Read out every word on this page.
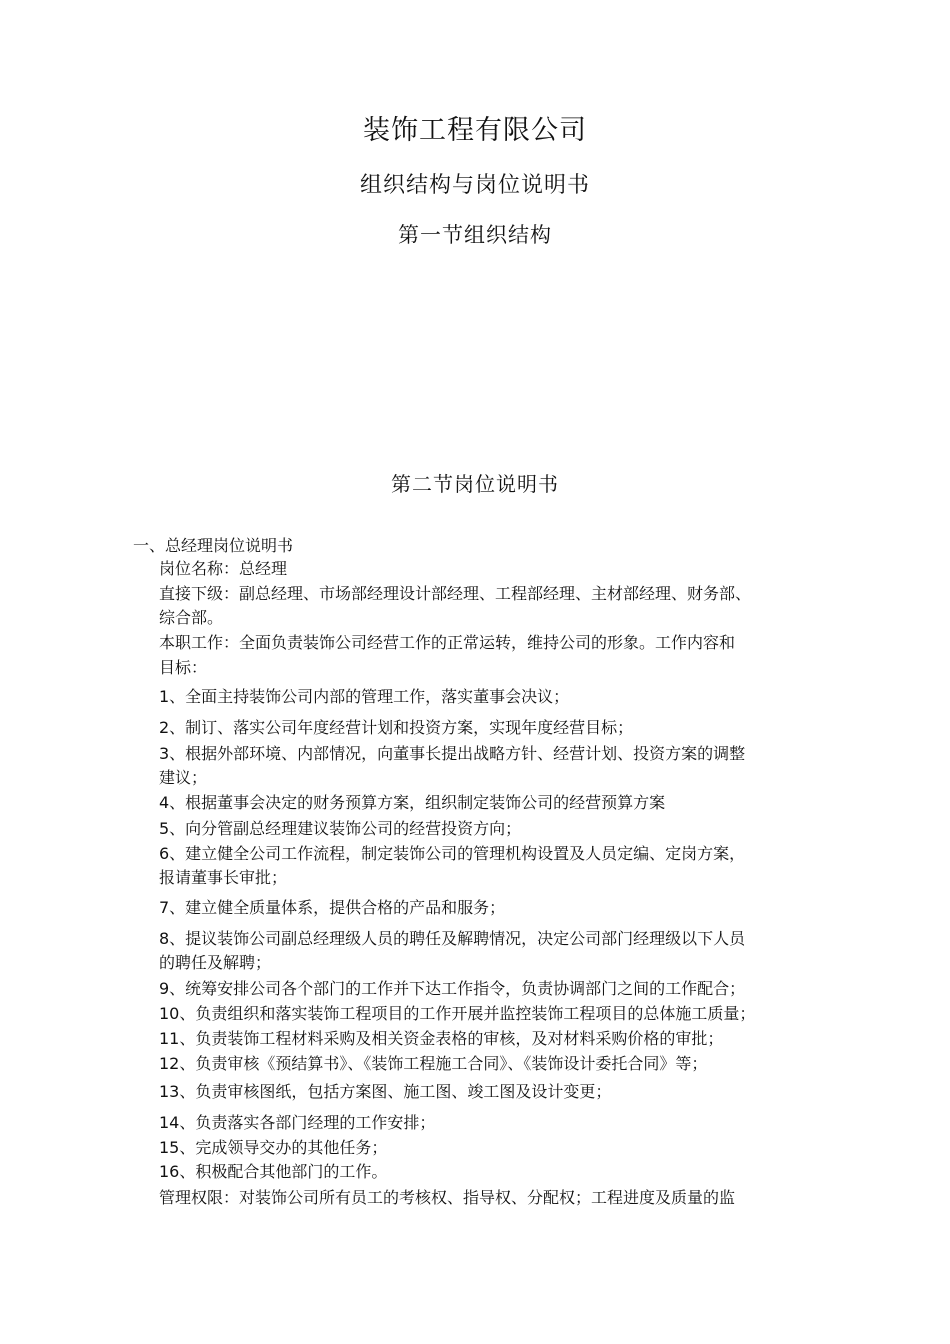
装饰工程有限公司
组织结构与岗位说明书
第一节组织结构
第二节岗位说明书
一、总经理岗位说明书
岗位名称：总经理
直接下级：副总经理、市场部经理设计部经理、工程部经理、主材部经理、财务部、
综合部。
本职工作：全面负责装饰公司经营工作的正常运转，维持公司的形象。工作内容和
目标：
1、全面主持装饰公司内部的管理工作，落实董事会决议；
2、制订、落实公司年度经营计划和投资方案，实现年度经营目标；
3、根据外部环境、内部情况，向董事长提出战略方针、经营计划、投资方案的调整
建议；
4、根据董事会决定的财务预算方案，组织制定装饰公司的经营预算方案
5、向分管副总经理建议装饰公司的经营投资方向；
6、建立健全公司工作流程，制定装饰公司的管理机构设置及人员定编、定岗方案，
报请董事长审批；
7、建立健全质量体系，提供合格的产品和服务；
8、提议装饰公司副总经理级人员的聘任及解聘情况，决定公司部门经理级以下人员
的聘任及解聘；
9、统筹安排公司各个部门的工作并下达工作指令，负责协调部门之间的工作配合；
10、负责组织和落实装饰工程项目的工作开展并监控装饰工程项目的总体施工质量；
11、负责装饰工程材料采购及相关资金表格的审核，及对材料采购价格的审批；
12、负责审核《预结算书》、《装饰工程施工合同》、《装饰设计委托合同》等；
13、负责审核图纸，包括方案图、施工图、竣工图及设计变更；
14、负责落实各部门经理的工作安排；
15、完成领导交办的其他任务；
16、积极配合其他部门的工作。
管理权限：对装饰公司所有员工的考核权、指导权、分配权；工程进度及质量的监
